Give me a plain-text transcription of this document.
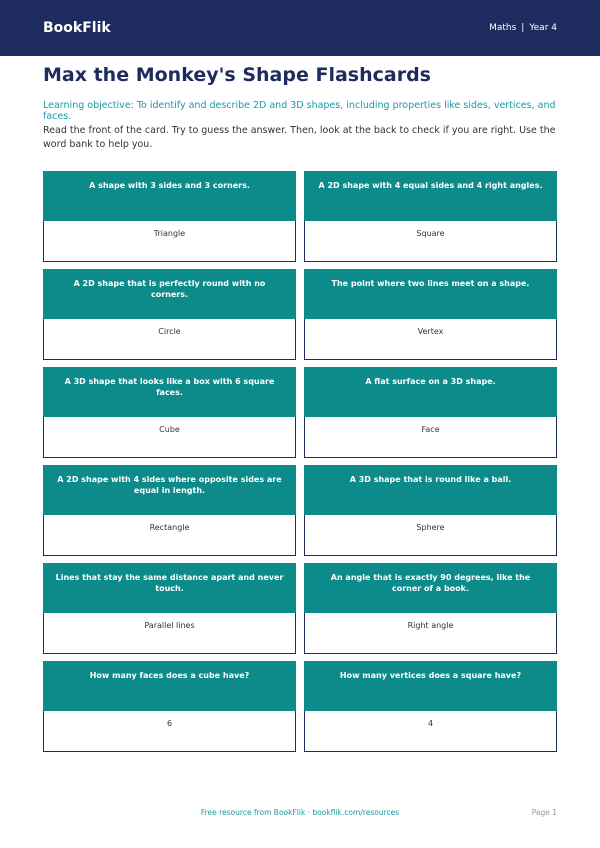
BookFlik	Maths | Year 4
Max the Monkey's Shape Flashcards
Learning objective: To identify and describe 2D and 3D shapes, including properties like sides, vertices, and faces.
Read the front of the card. Try to guess the answer. Then, look at the back to check if you are right. Use the word bank to help you.
A shape with 3 sides and 3 corners.
Triangle
A 2D shape with 4 equal sides and 4 right angles.
Square
A 2D shape that is perfectly round with no corners.
Circle
The point where two lines meet on a shape.
Vertex
A 3D shape that looks like a box with 6 square faces.
Cube
A flat surface on a 3D shape.
Face
A 2D shape with 4 sides where opposite sides are equal in length.
Rectangle
A 3D shape that is round like a ball.
Sphere
Lines that stay the same distance apart and never touch.
Parallel lines
An angle that is exactly 90 degrees, like the corner of a book.
Right angle
How many faces does a cube have?
6
How many vertices does a square have?
4
Free resource from BookFlik · bookflik.com/resources	Page 1
